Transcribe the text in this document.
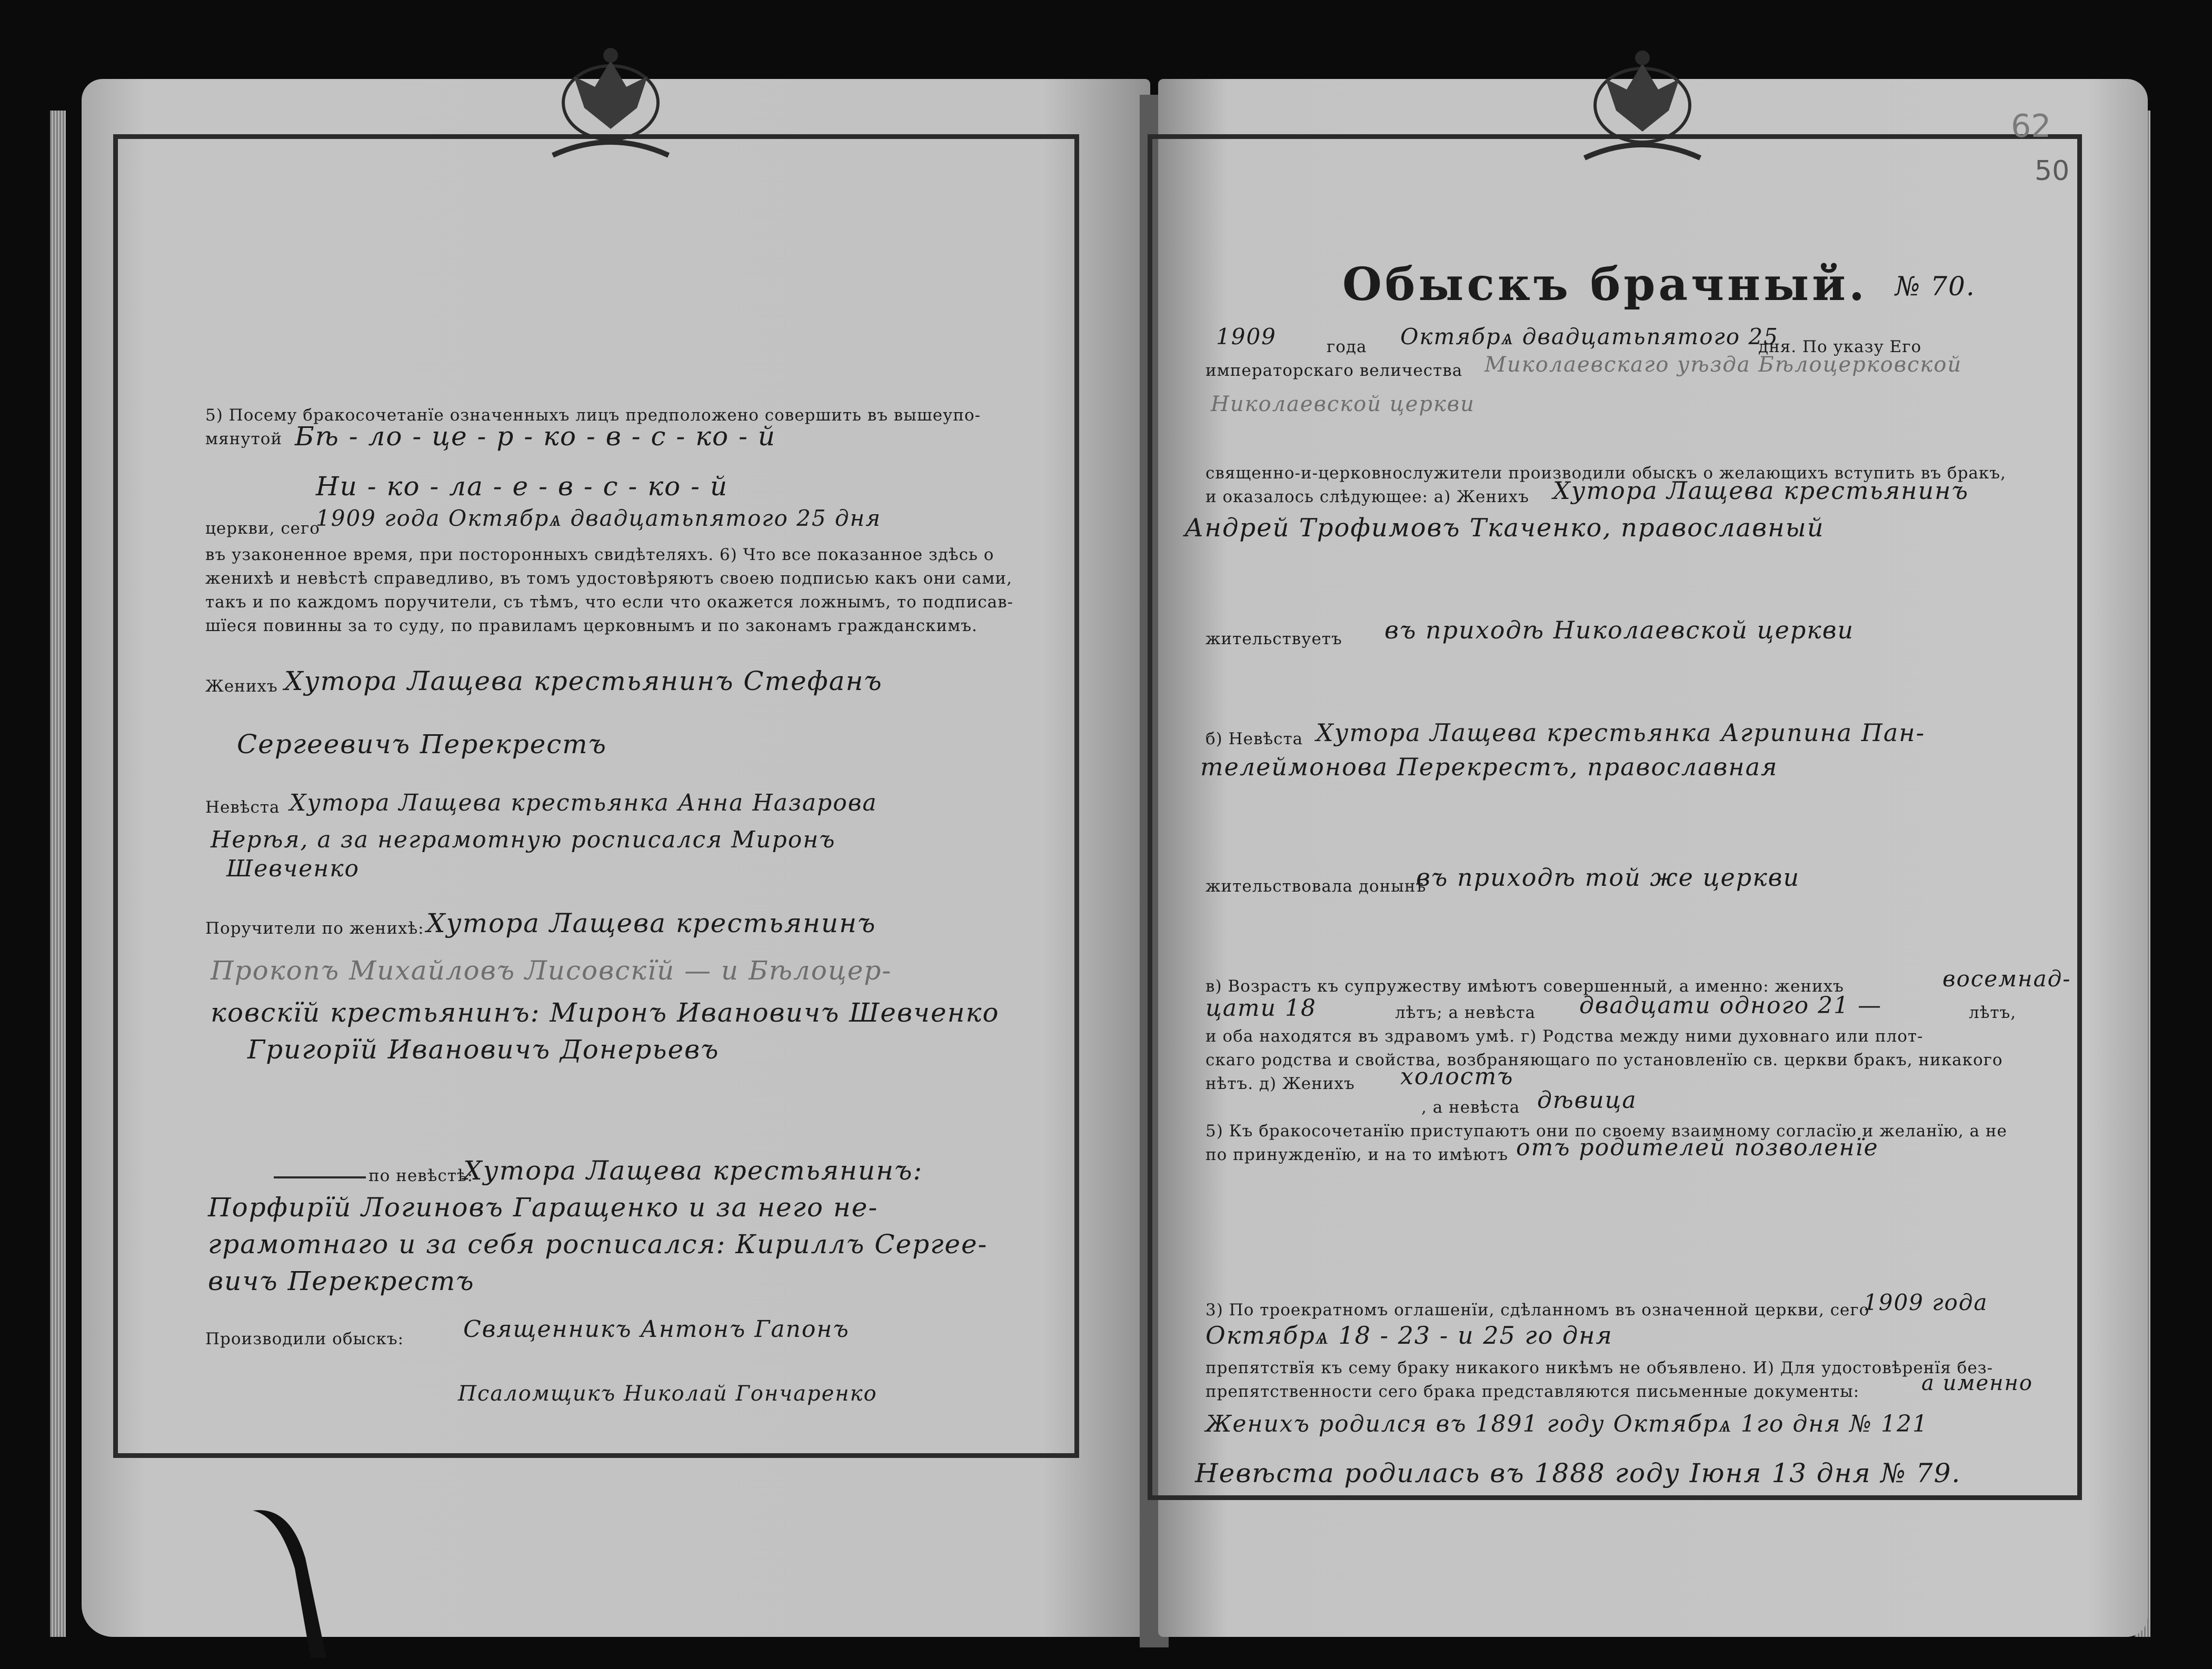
5) Посему бракосочетанїе означенныхъ лицъ предположено совершить въ вышеупо-
мянутой Бѣ - ло - це - р - ко - в - с - ко - й
Ни - ко - ла - е - в - с - ко - й
церкви, сего
1909 года Октябрѧ двадцатьпятого 25 дня
въ узаконенное время, при посторонныхъ свидѣтеляхъ. 6) Что все показанное здѣсь о
женихѣ и невѣстѣ справедливо, въ томъ удостовѣряютъ своею подписью какъ они сами,
такъ и по каждомъ поручители, съ тѣмъ, что если что окажется ложнымъ, то подписав-
шїеся повинны за то суду, по правиламъ церковнымъ и по законамъ гражданскимъ.
Женихъ Хутора Лащева крестьянинъ Стефанъ
Сергеевичъ Перекрестъ
Невѣста Хутора Лащева крестьянка Анна Назарова
Нерѣя, а за неграмотную росписался Миронъ
Шевченко
Поручители по женихѣ: Хутора Лащева крестьянинъ
Прокопъ Михайловъ Лисовскїй — и Бѣлоцер-
ковскїй крестьянинъ: Миронъ Ивановичъ Шевченко
Григорїй Ивановичъ Донерьевъ
по невѣстѣ:
Хутора Лащева крестьянинъ:
Порфирїй Логиновъ Гаращенко и за него не-
грамотнаго и за себя росписался: Кириллъ Сергее-
вичъ Перекрестъ
Производили обыскъ:	Священникъ Антонъ Гапонъ
Псаломщикъ Николай Гончаренко
62
50
Обыскъ брачный. № 70.
1909	года Октябрѧ двадцатьпятого 25
дня. По указу Его
императорскаго величества Миколаевскаго уѣзда Бѣлоцерковской
Николаевской церкви
священно-и-церковнослужители производили обыскъ о желающихъ вступить въ бракъ,
и оказалось слѣдующее: а) Женихъ Хутора Лащева крестьянинъ
Андрей Трофимовъ Ткаченко, православный
жительствуетъ въ приходѣ Николаевской церкви
б) Невѣста Хутора Лащева крестьянка Агрипина Пан-
телеймонова Перекрестъ, православная
жительствовала донынѣ
въ приходѣ той же церкви
в) Возрастъ къ супружеству имѣютъ совершенный, а именно: женихъ	восемнад-
цати 18	лѣтъ; а невѣста двадцати одного 21 —	лѣтъ,
и оба находятся въ здравомъ умѣ. г) Родства между ними духовнаго или плот-
скаго родства и свойства, возбраняющаго по установленїю св. церкви бракъ, никакого
нѣтъ. д) Женихъ холостъ
, а невѣста дѣвица
5) Къ бракосочетанїю приступаютъ они по своему взаимному согласїю и желанїю, а не
по принужденїю, и на то имѣютъ отъ родителей позволенїе
3) По троекратномъ оглашенїи, сдѣланномъ въ означенной церкви, сего
1909 года
Октябрѧ 18 - 23 - и 25 го дня
препятствїя къ сему браку никакого никѣмъ не объявлено. И) Для удостовѣренїя без-
препятственности сего брака представляются письменные документы:	а именно
Женихъ родился въ 1891 году Октябрѧ 1го дня № 121
Невѣста родилась въ 1888 году Іюня 13 дня № 79.
